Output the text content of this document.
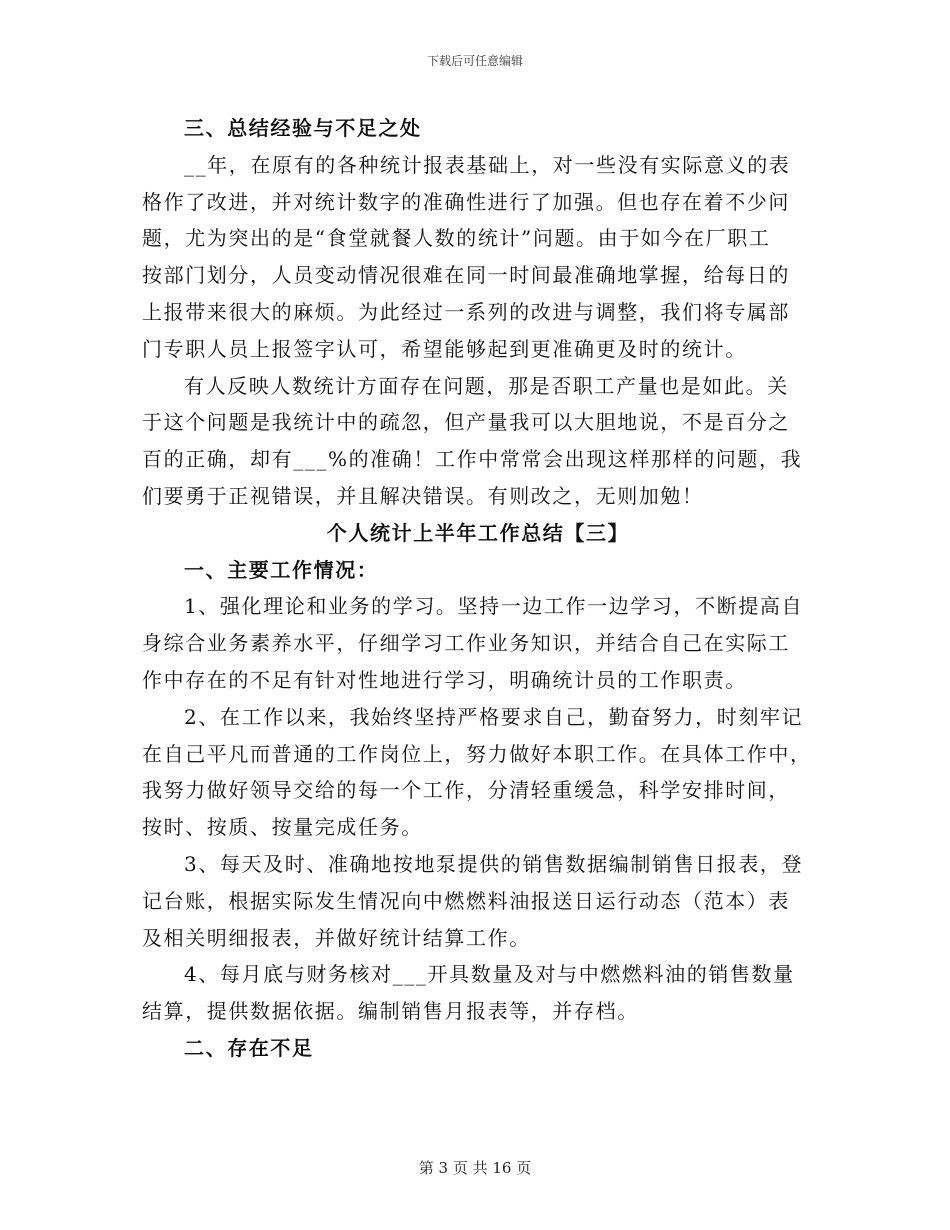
下载后可任意编辑
三、总结经验与不足之处
__年，在原有的各种统计报表基础上，对一些没有实际意义的表
格作了改进，并对统计数字的准确性进行了加强。但也存在着不少问
题，尤为突出的是“食堂就餐人数的统计”问题。由于如今在厂职工
按部门划分，人员变动情况很难在同一时间最准确地掌握，给每日的
上报带来很大的麻烦。为此经过一系列的改进与调整，我们将专属部
门专职人员上报签字认可，希望能够起到更准确更及时的统计。
有人反映人数统计方面存在问题，那是否职工产量也是如此。关
于这个问题是我统计中的疏忽，但产量我可以大胆地说，不是百分之
百的正确，却有___%的准确！工作中常常会出现这样那样的问题，我
们要勇于正视错误，并且解决错误。有则改之，无则加勉！
个人统计上半年工作总结【三】
一、主要工作情况：
1、强化理论和业务的学习。坚持一边工作一边学习，不断提高自
身综合业务素养水平，仔细学习工作业务知识，并结合自己在实际工
作中存在的不足有针对性地进行学习，明确统计员的工作职责。
2、在工作以来，我始终坚持严格要求自己，勤奋努力，时刻牢记
在自己平凡而普通的工作岗位上，努力做好本职工作。在具体工作中，
我努力做好领导交给的每一个工作，分清轻重缓急，科学安排时间，
按时、按质、按量完成任务。
3、每天及时、准确地按地泵提供的销售数据编制销售日报表，登
记台账，根据实际发生情况向中燃燃料油报送日运行动态（范本）表
及相关明细报表，并做好统计结算工作。
4、每月底与财务核对___开具数量及对与中燃燃料油的销售数量
结算，提供数据依据。编制销售月报表等，并存档。
二、存在不足
第 3 页 共 16 页
